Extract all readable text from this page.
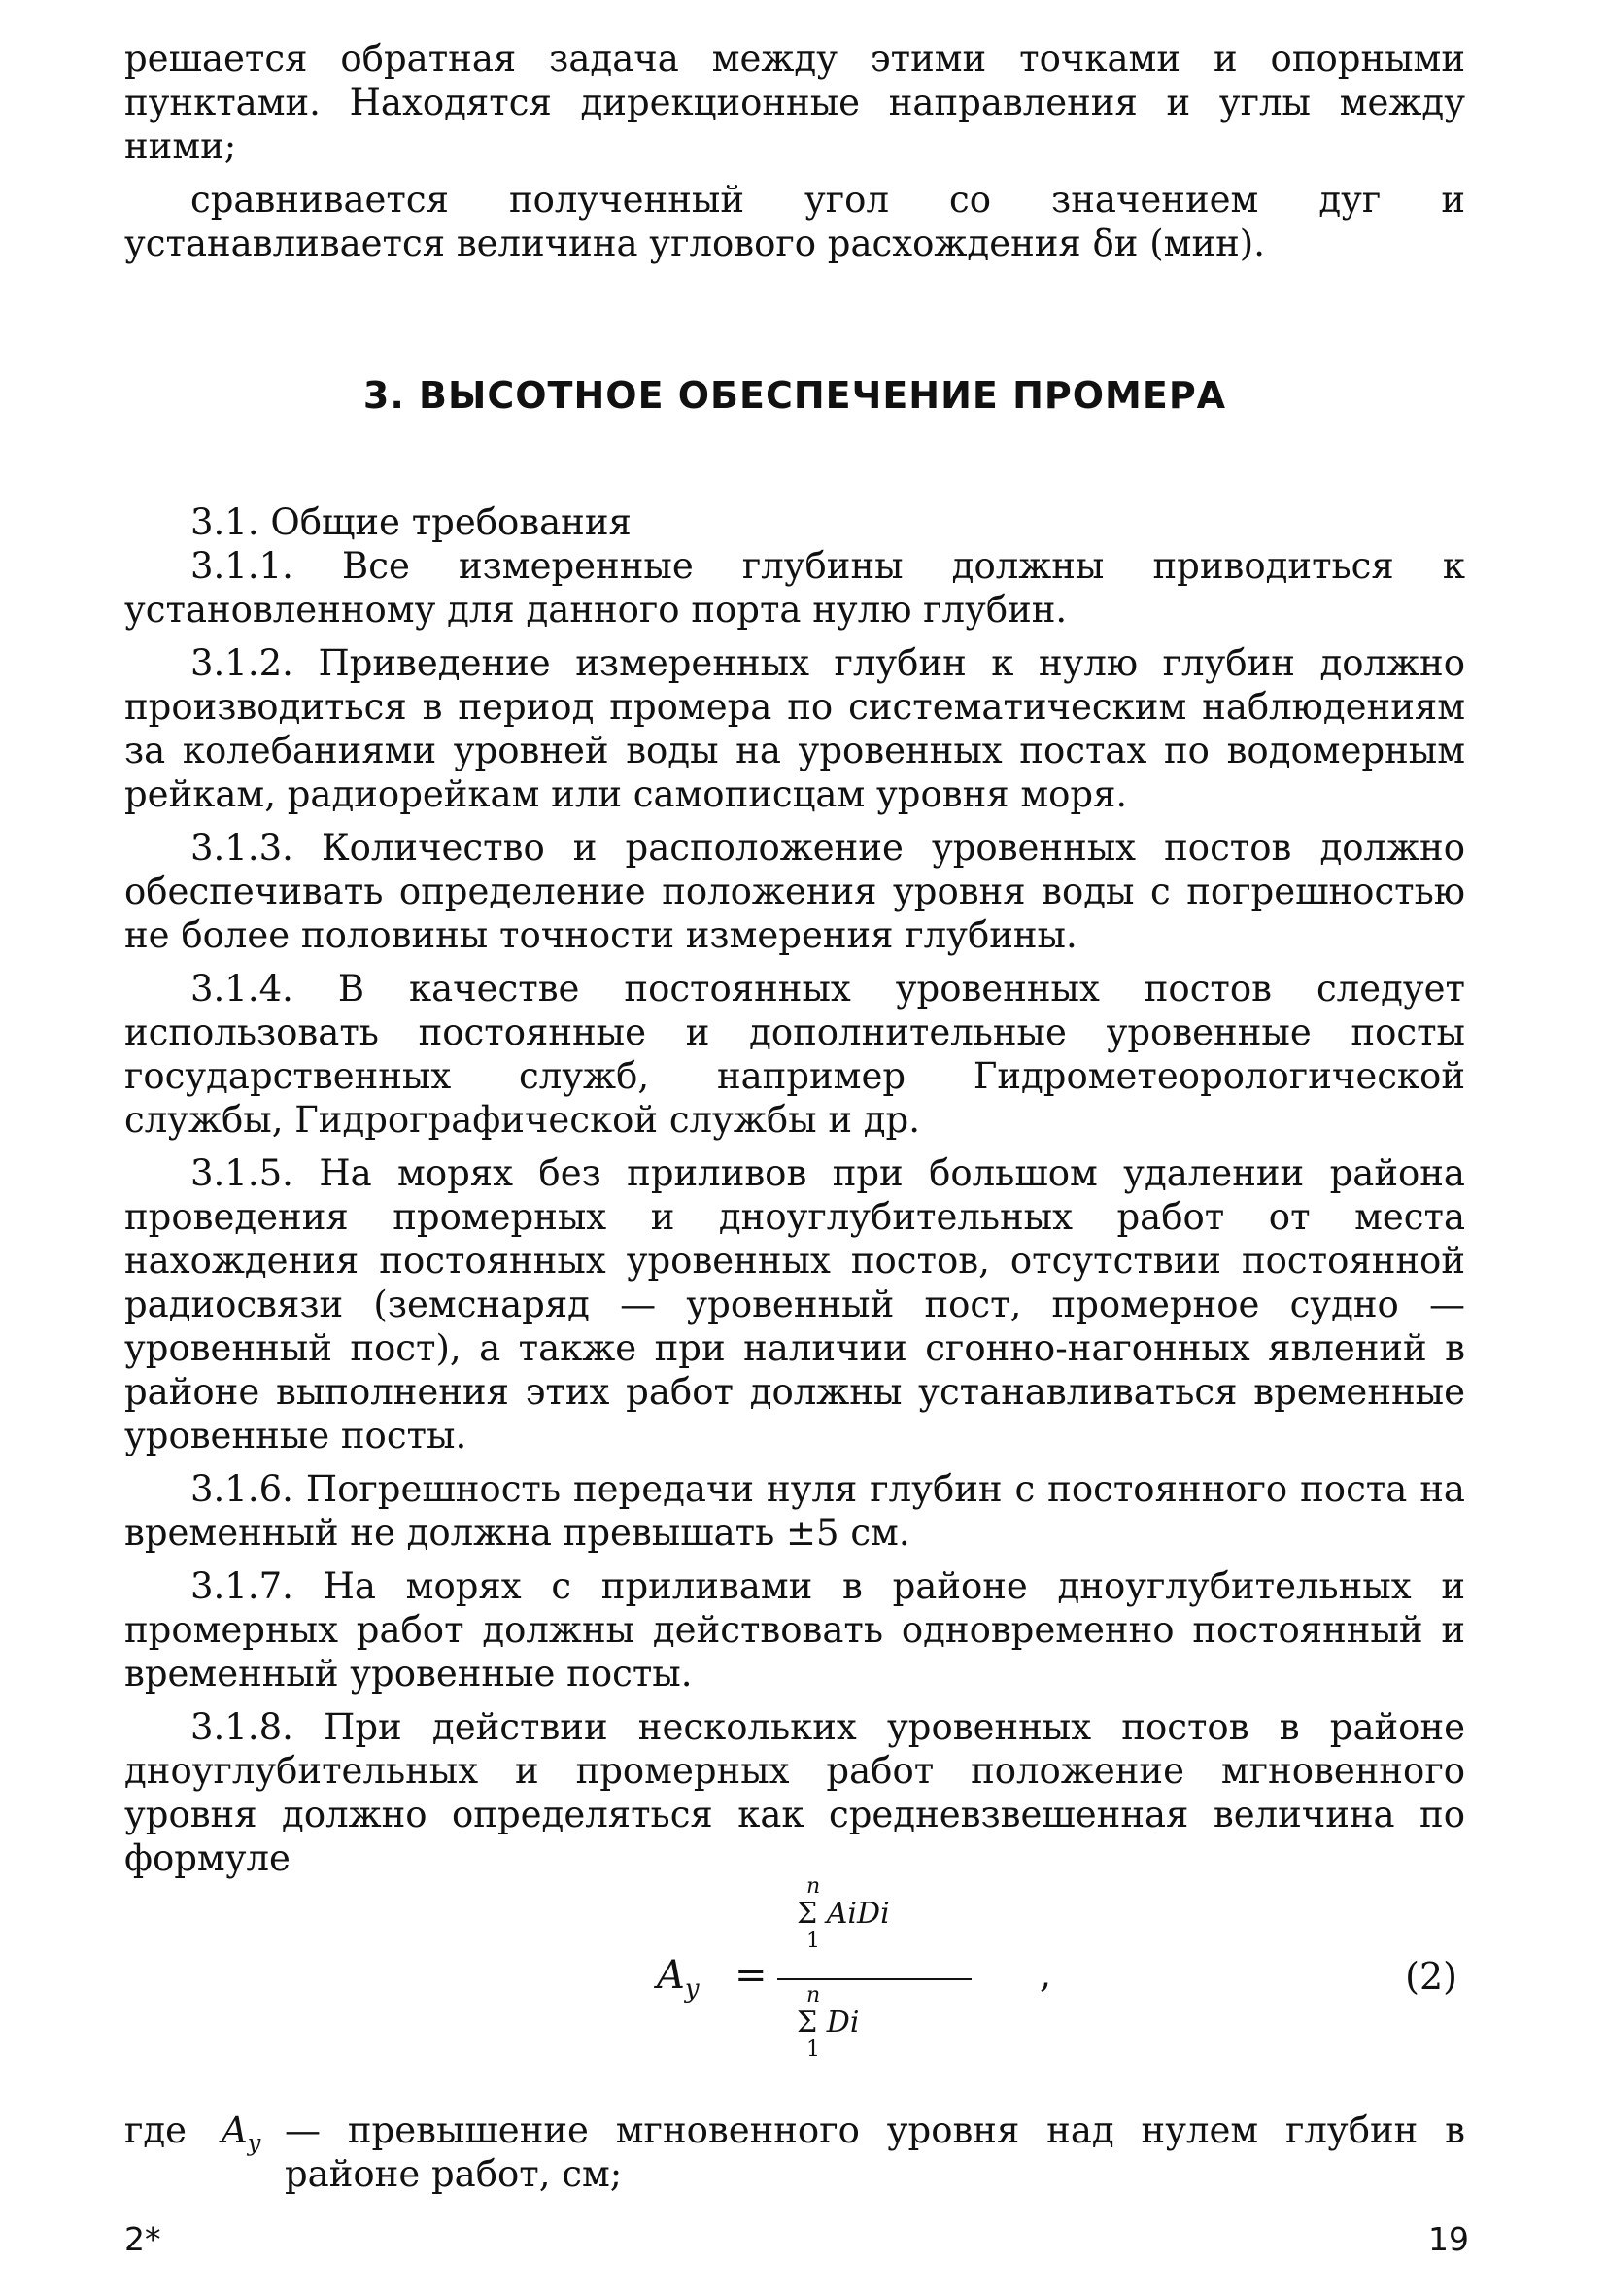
решается обратная задача между этими точками и опорными пунктами. Находятся дирекционные направления и углы между ними;

сравнивается полученный угол со значением дуг и устанавливается величина углового расхождения δи (мин).

3. ВЫСОТНОЕ ОБЕСПЕЧЕНИЕ ПРОМЕРА

3.1. Общие требования

3.1.1. Все измеренные глубины должны приводиться к установленному для данного порта нулю глубин.

3.1.2. Приведение измеренных глубин к нулю глубин должно производиться в период промера по систематическим наблюдениям за колебаниями уровней воды на уровенных постах по водомерным рейкам, радиорейкам или самописцам уровня моря.

3.1.3. Количество и расположение уровенных постов должно обеспечивать определение положения уровня воды с погрешностью не более половины точности измерения глубины.

3.1.4. В качестве постоянных уровенных постов следует использовать постоянные и дополнительные уровенные посты государственных служб, например Гидрометеорологической службы, Гидрографической службы и др.

3.1.5. На морях без приливов при большом удалении района проведения промерных и дноуглубительных работ от места нахождения постоянных уровенных постов, отсутствии постоянной радиосвязи (земснаряд — уровенный пост, промерное судно — уровенный пост), а также при наличии сгонно-нагонных явлений в районе выполнения этих работ должны устанавливаться временные уровенные посты.

3.1.6. Погрешность передачи нуля глубин с постоянного поста на временный не должна превышать ±5 см.

3.1.7. На морях с приливами в районе дноуглубительных и промерных работ должны действовать одновременно постоянный и временный уровенные посты.

3.1.8. При действии нескольких уровенных постов в районе дноуглубительных и промерных работ положение мгновенного уровня должно определяться как средневзвешенная величина по формуле

$A_y$ =
n
Σ AiDi
1
n
Σ Di
1
,	(2)
где $A_y$ — превышение мгновенного уровня над нулем глубин в районе работ, см;
2*	19
